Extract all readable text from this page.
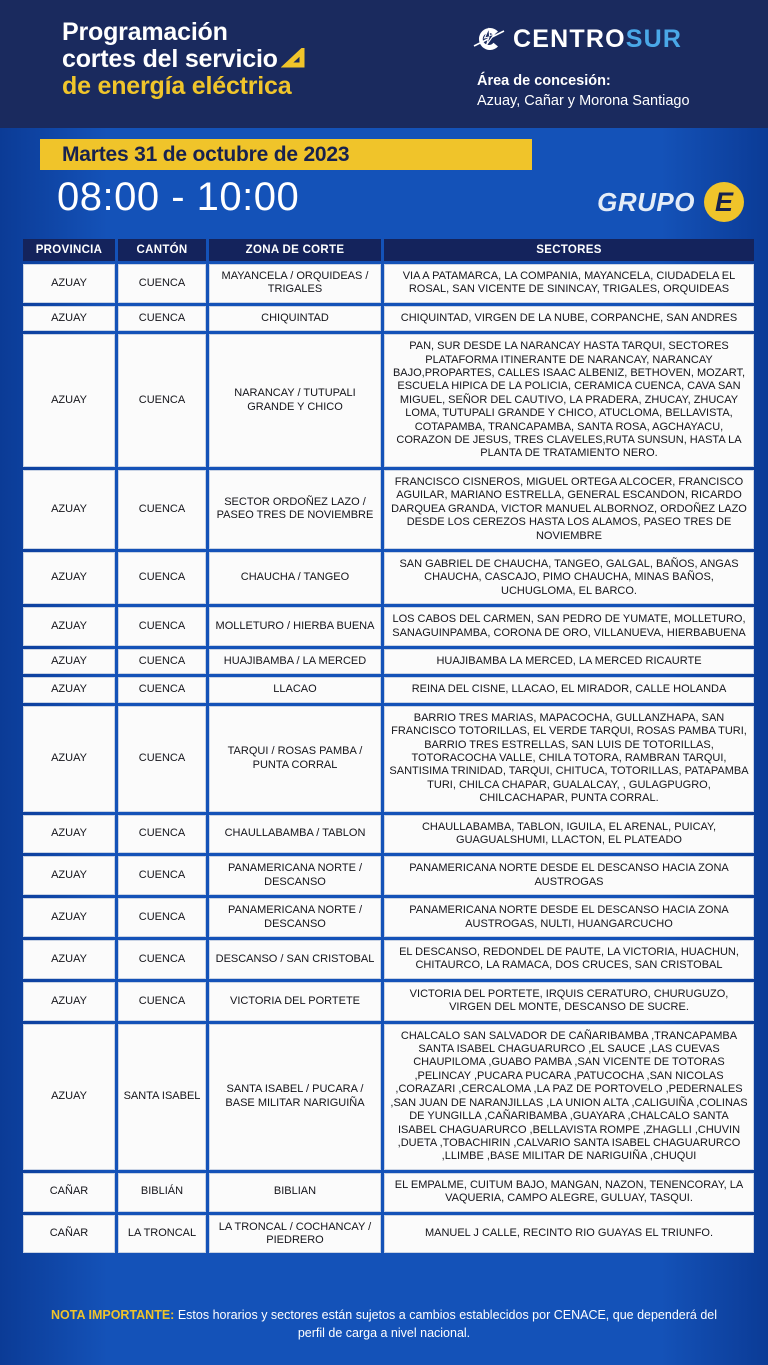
Programación
cortes del servicio
de energía eléctrica
CENTROSUR
Área de concesión:
Azuay, Cañar y Morona Santiago
Martes 31 de octubre de 2023
08:00 - 10:00	GRUPO E
PROVINCIA	CANTÓN	ZONA DE CORTE	SECTORES
AZUAY	CUENCA	MAYANCELA / ORQUIDEAS / TRIGALES	VIA A PATAMARCA, LA COMPANIA, MAYANCELA, CIUDADELA EL ROSAL, SAN VICENTE DE SININCAY, TRIGALES, ORQUIDEAS
AZUAY	CUENCA	CHIQUINTAD	CHIQUINTAD, VIRGEN DE LA NUBE, CORPANCHE, SAN ANDRES
AZUAY	CUENCA	NARANCAY / TUTUPALI GRANDE Y CHICO	PAN, SUR DESDE LA NARANCAY HASTA TARQUI, SECTORES PLATAFORMA ITINERANTE DE NARANCAY, NARANCAY BAJO,PROPARTES, CALLES ISAAC ALBENIZ, BETHOVEN, MOZART, ESCUELA HIPICA DE LA POLICIA, CERAMICA CUENCA, CAVA SAN MIGUEL, SEÑOR DEL CAUTIVO, LA PRADERA, ZHUCAY, ZHUCAY LOMA, TUTUPALI GRANDE Y CHICO, ATUCLOMA, BELLAVISTA, COTAPAMBA, TRANCAPAMBA, SANTA ROSA, AGCHAYACU, CORAZON DE JESUS, TRES CLAVELES,RUTA SUNSUN, HASTA LA PLANTA DE TRATAMIENTO NERO.
AZUAY	CUENCA	SECTOR ORDOÑEZ LAZO / PASEO TRES DE NOVIEMBRE	FRANCISCO CISNEROS, MIGUEL ORTEGA ALCOCER, FRANCISCO AGUILAR, MARIANO ESTRELLA, GENERAL ESCANDON, RICARDO DARQUEA GRANDA, VICTOR MANUEL ALBORNOZ, ORDOÑEZ LAZO DESDE LOS CEREZOS HASTA LOS ALAMOS, PASEO TRES DE NOVIEMBRE
AZUAY	CUENCA	CHAUCHA / TANGEO	SAN GABRIEL DE CHAUCHA, TANGEO, GALGAL, BAÑOS, ANGAS CHAUCHA, CASCAJO, PIMO CHAUCHA, MINAS BAÑOS, UCHUGLOMA, EL BARCO.
AZUAY	CUENCA	MOLLETURO / HIERBA BUENA	LOS CABOS DEL CARMEN, SAN PEDRO DE YUMATE, MOLLETURO, SANAGUINPAMBA, CORONA DE ORO, VILLANUEVA, HIERBABUENA
AZUAY	CUENCA	HUAJIBAMBA / LA MERCED	HUAJIBAMBA LA MERCED, LA MERCED RICAURTE
AZUAY	CUENCA	LLACAO	REINA DEL CISNE, LLACAO, EL MIRADOR, CALLE HOLANDA
AZUAY	CUENCA	TARQUI / ROSAS PAMBA / PUNTA CORRAL	BARRIO TRES MARIAS, MAPACOCHA, GULLANZHAPA, SAN FRANCISCO TOTORILLAS, EL VERDE TARQUI, ROSAS PAMBA TURI, BARRIO TRES ESTRELLAS, SAN LUIS DE TOTORILLAS, TOTORACOCHA VALLE, CHILA TOTORA, RAMBRAN TARQUI, SANTISIMA TRINIDAD, TARQUI, CHITUCA, TOTORILLAS, PATAPAMBA TURI, CHILCA CHAPAR, GUALALCAY, , GULAGPUGRO, CHILCACHAPAR, PUNTA CORRAL.
AZUAY	CUENCA	CHAULLABAMBA / TABLON	CHAULLABAMBA, TABLON, IGUILA, EL ARENAL, PUICAY, GUAGUALSHUMI, LLACTON, EL PLATEADO
AZUAY	CUENCA	PANAMERICANA NORTE / DESCANSO	PANAMERICANA NORTE DESDE EL DESCANSO HACIA ZONA AUSTROGAS
AZUAY	CUENCA	PANAMERICANA NORTE / DESCANSO	PANAMERICANA NORTE DESDE EL DESCANSO HACIA ZONA AUSTROGAS, NULTI, HUANGARCUCHO
AZUAY	CUENCA	DESCANSO / SAN CRISTOBAL	EL DESCANSO, REDONDEL DE PAUTE, LA VICTORIA, HUACHUN, CHITAURCO, LA RAMACA, DOS CRUCES, SAN CRISTOBAL
AZUAY	CUENCA	VICTORIA DEL PORTETE	VICTORIA DEL PORTETE, IRQUIS CERATURO, CHURUGUZO, VIRGEN DEL MONTE, DESCANSO DE SUCRE.
AZUAY	SANTA ISABEL	SANTA ISABEL / PUCARA / BASE MILITAR NARIGUIÑA	CHALCALO SAN SALVADOR DE CAÑARIBAMBA ,TRANCAPAMBA SANTA ISABEL CHAGUARURCO ,EL SAUCE ,LAS CUEVAS CHAUPILOMA ,GUABO PAMBA ,SAN VICENTE DE TOTORAS ,PELINCAY ,PUCARA PUCARA ,PATUCOCHA ,SAN NICOLAS ,CORAZARI ,CERCALOMA ,LA PAZ DE PORTOVELO ,PEDERNALES ,SAN JUAN DE NARANJILLAS ,LA UNION ALTA ,CALIGUIÑA ,COLINAS DE YUNGILLA ,CAÑARIBAMBA ,GUAYARA ,CHALCALO SANTA ISABEL CHAGUARURCO ,BELLAVISTA ROMPE ,ZHAGLLI ,CHUVIN ,DUETA ,TOBACHIRIN ,CALVARIO SANTA ISABEL CHAGUARURCO ,LLIMBE ,BASE MILITAR DE NARIGUIÑA ,CHUQUI
CAÑAR	BIBLIÁN	BIBLIAN	EL EMPALME, CUITUM BAJO, MANGAN, NAZON, TENENCORAY, LA VAQUERIA, CAMPO ALEGRE, GULUAY, TASQUI.
CAÑAR	LA TRONCAL	LA TRONCAL / COCHANCAY / PIEDRERO	MANUEL J CALLE, RECINTO RIO GUAYAS EL TRIUNFO.
NOTA IMPORTANTE: Estos horarios y sectores están sujetos a cambios establecidos por CENACE, que dependerá del perfil de carga a nivel nacional.
